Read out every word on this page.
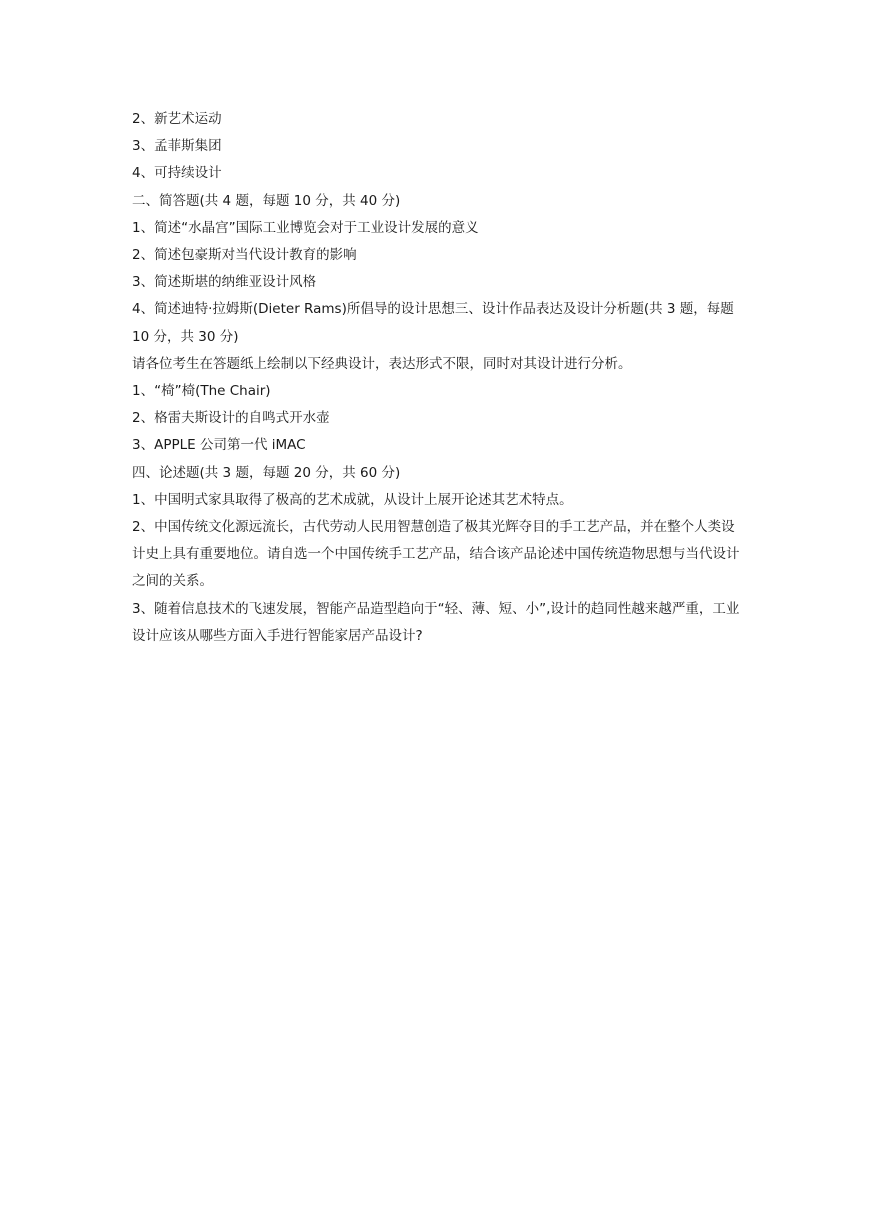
2、新艺术运动
3、孟菲斯集团
4、可持续设计
二、简答题(共 4 题，每题 10 分，共 40 分)
1、简述“水晶宫”国际工业博览会对于工业设计发展的意义
2、简述包豪斯对当代设计教育的影响
3、简述斯堪的纳维亚设计风格
4、简述迪特·拉姆斯(Dieter Rams)所倡导的设计思想三、设计作品表达及设计分析题(共 3 题，每题 10 分，共 30 分)
请各位考生在答题纸上绘制以下经典设计，表达形式不限，同时对其设计进行分析。
1、“椅”椅(The Chair)
2、格雷夫斯设计的自鸣式开水壶
3、APPLE 公司第一代 iMAC
四、论述题(共 3 题，每题 20 分，共 60 分)
1、中国明式家具取得了极高的艺术成就，从设计上展开论述其艺术特点。
2、中国传统文化源远流长，古代劳动人民用智慧创造了极其光辉夺目的手工艺产品，并在整个人类设计史上具有重要地位。请自选一个中国传统手工艺产品，结合该产品论述中国传统造物思想与当代设计之间的关系。
3、随着信息技术的飞速发展，智能产品造型趋向于“轻、薄、短、小”,设计的趋同性越来越严重，工业设计应该从哪些方面入手进行智能家居产品设计?
